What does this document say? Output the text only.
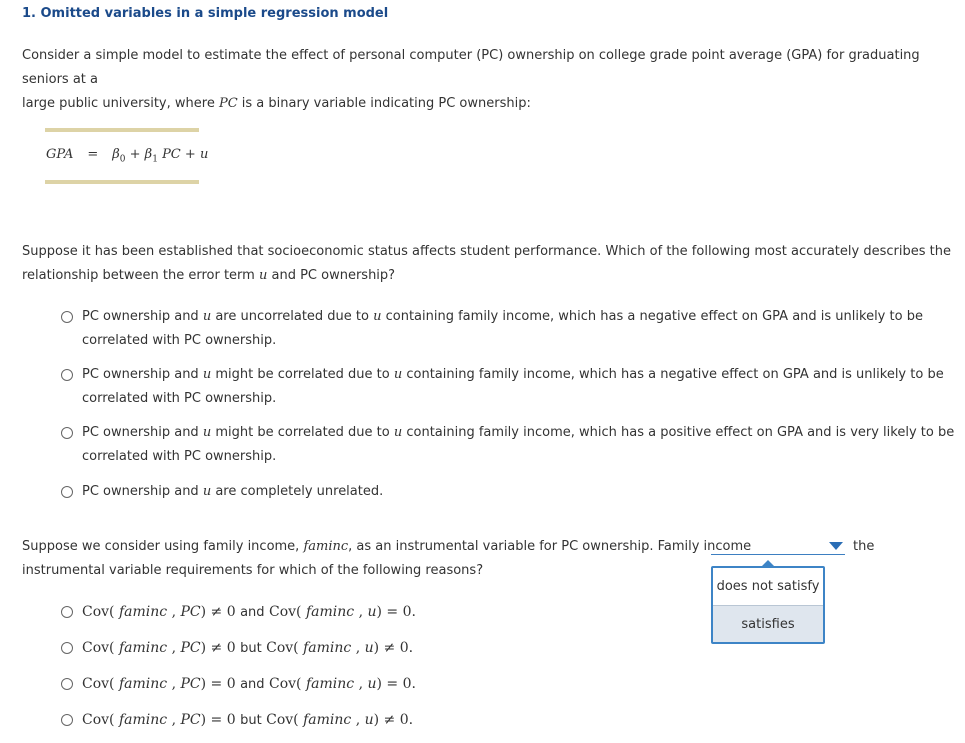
1. Omitted variables in a simple regression model
Consider a simple model to estimate the effect of personal computer (PC) ownership on college grade point average (GPA) for graduating seniors at a
large public university, where PC is a binary variable indicating PC ownership:
GPA = $\beta_0 + \beta_1$ PC + u
Suppose it has been established that socioeconomic status affects student performance. Which of the following most accurately describes the
relationship between the error term u and PC ownership?
PC ownership and u are uncorrelated due to u containing family income, which has a negative effect on GPA and is unlikely to be
correlated with PC ownership.
PC ownership and u might be correlated due to u containing family income, which has a negative effect on GPA and is unlikely to be
correlated with PC ownership.
PC ownership and u might be correlated due to u containing family income, which has a positive effect on GPA and is very likely to be
correlated with PC ownership.
PC ownership and u are completely unrelated.
Suppose we consider using family income, faminc, as an instrumental variable for PC ownership. Family income	the
instrumental variable requirements for which of the following reasons?
does not satisfy
satisfies
Cov( faminc , PC) ≠ 0 and Cov( faminc , u) = 0.
Cov( faminc , PC) ≠ 0 but Cov( faminc , u) ≠ 0.
Cov( faminc , PC) = 0 and Cov( faminc , u) = 0.
Cov( faminc , PC) = 0 but Cov( faminc , u) ≠ 0.
